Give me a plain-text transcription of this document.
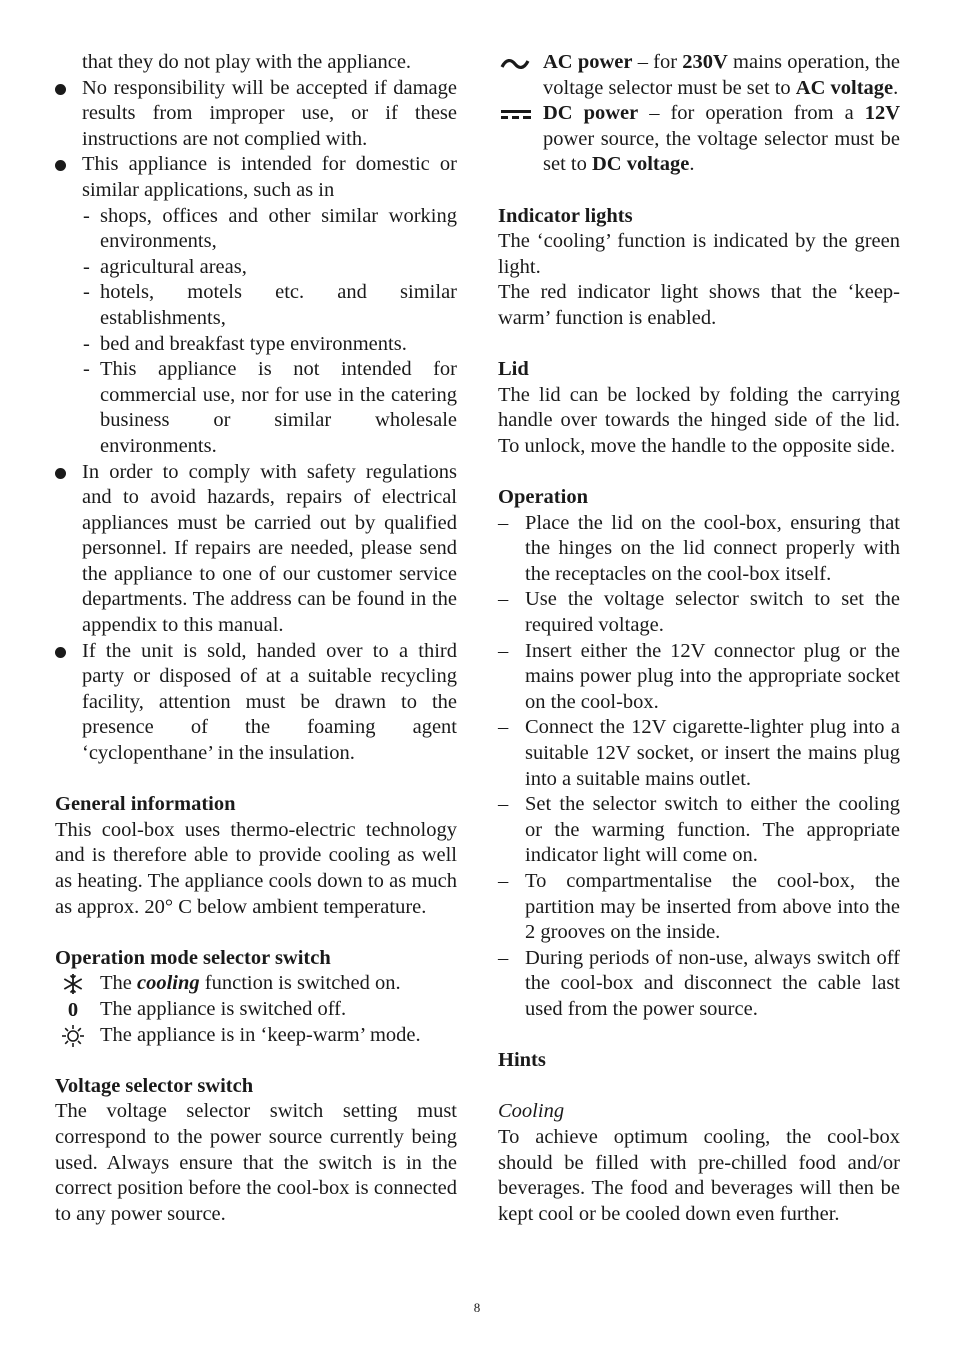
that they do not play with the appliance.

No responsibility will be accepted if damage results from improper use, or if these instructions are not complied with.
This appliance is intended for domestic or similar applications, such as in
- shops, offices and other similar working environments,
- agricultural areas,
- hotels, motels etc. and similar establishments,
- bed and breakfast type environments.
- This appliance is not intended for commercial use, nor for use in the catering business or similar wholesale environments.
In order to comply with safety regulations and to avoid hazards, repairs of electrical appliances must be carried out by qualified personnel. If repairs are needed, please send the appliance to one of our customer service departments. The address can be found in the appendix to this manual.
If the unit is sold, handed over to a third party or disposed of at a suitable recycling facility, attention must be drawn to the presence of the foaming agent ‘cyclopenthane’ in the insulation.

General information

This cool-box uses thermo-electric technology and is therefore able to provide cooling as well as heating. The appliance cools down to as much as approx. 20° C below ambient temperature.

Operation mode selector switch

The cooling function is switched on.
0	The appliance is switched off.
The appliance is in ‘keep-warm’ mode.

Voltage selector switch

The voltage selector switch setting must correspond to the power source currently being used. Always ensure that the switch is in the correct position before the cool-box is connected to any power source.

AC power – for 230V mains operation, the voltage selector must be set to AC voltage.
DC power – for operation from a 12V power source, the voltage selector must be set to DC voltage.

Indicator lights

The ‘cooling’ function is indicated by the green light.

The red indicator light shows that the ‘keep-warm’ function is enabled.

Lid

The lid can be locked by folding the carrying handle over towards the hinged side of the lid. To unlock, move the handle to the opposite side.

Operation

– Place the lid on the cool-box, ensuring that the hinges on the lid connect properly with the receptacles on the cool-box itself.
– Use the voltage selector switch to set the required voltage.
– Insert either the 12V connector plug or the mains power plug into the appropriate socket on the cool-box.
– Connect the 12V cigarette-lighter plug into a suitable 12V socket, or insert the mains plug into a suitable mains outlet.
– Set the selector switch to either the cooling or the warming function. The appropriate indicator light will come on.
– To compartmentalise the cool-box, the partition may be inserted from above into the 2 grooves on the inside.
– During periods of non-use, always switch off the cool-box and disconnect the cable last used from the power source.

Hints

Cooling

To achieve optimum cooling, the cool-box should be filled with pre-chilled food and/or beverages. The food and beverages will then be kept cool or be cooled down even further.

8
